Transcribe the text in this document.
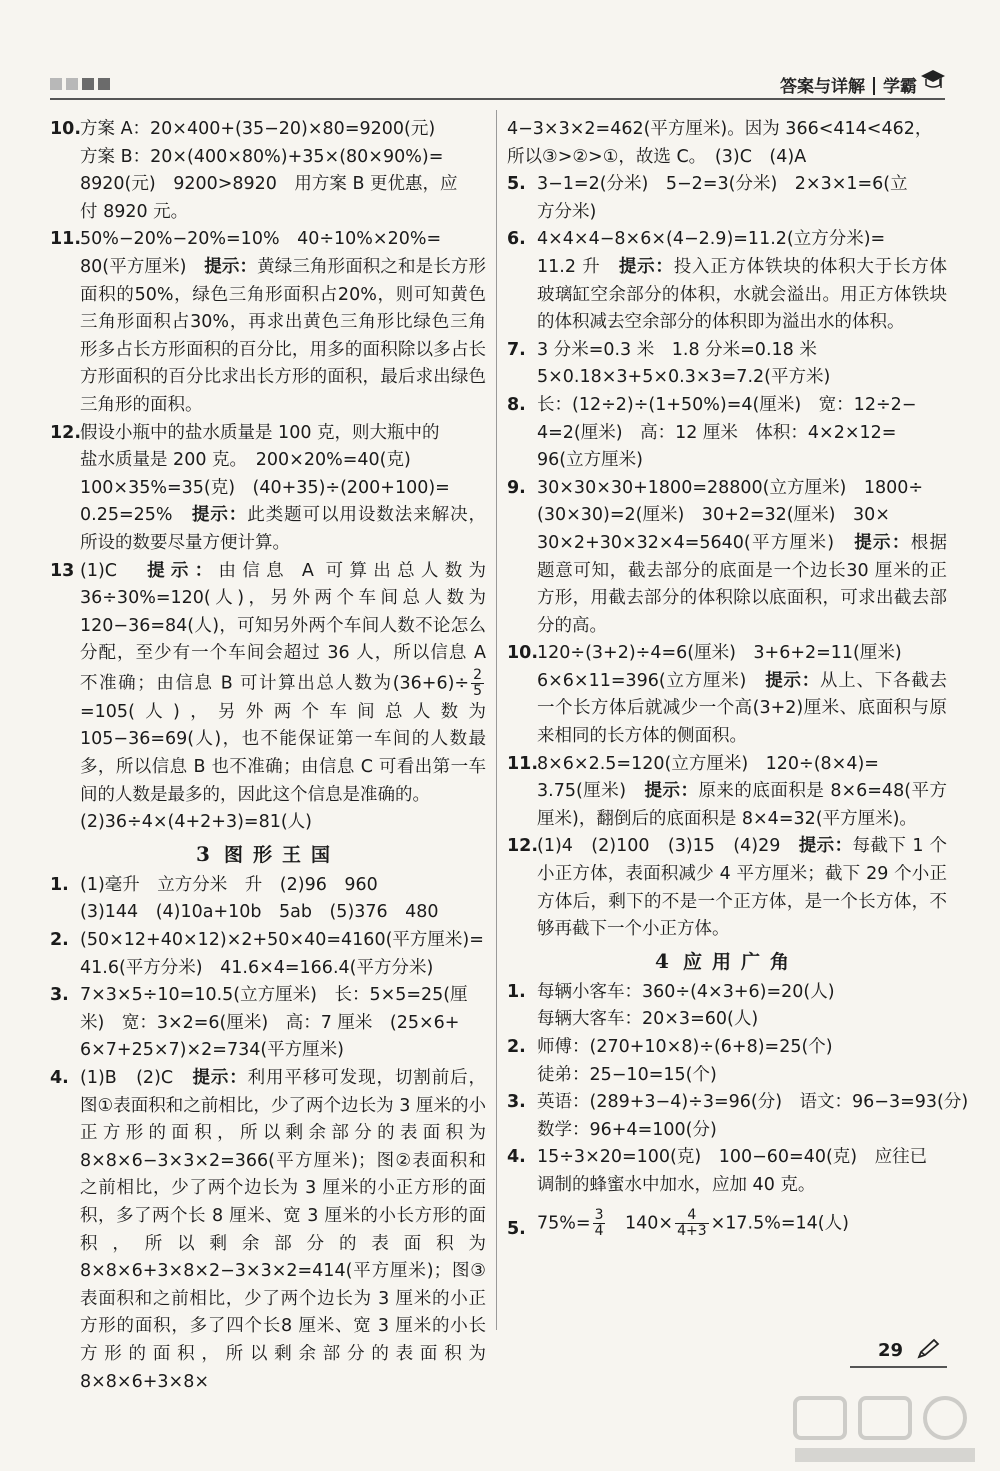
答案与详解 学霸
10.
方案 A：20×400+(35−20)×80=9200(元)
方案 B：20×(400×80%)+35×(80×90%)=
8920(元)　9200>8920　用方案 B 更优惠，应
付 8920 元。
11.
50%−20%−20%=10%　40÷10%×20%=
80(平方厘米)　 提示：黄绿三角形面积之和是长方形面积的50%，绿色三角形面积占20%，则可知黄色三角形面积占30%，再求出黄色三角形比绿色三角形多占长方形面积的百分比，用多的面积除以多占长方形面积的百分比求出长方形的面积，最后求出绿色三角形的面积。
12.
假设小瓶中的盐水质量是 100 克，则大瓶中的
盐水质量是 200 克。　200×20%=40(克)
100×35%=35(克)　(40+35)÷(200+100)=
0.25=25%　 提示：此类题可以用设数法来解决，所设的数要尽量方便计算。
13 (1)C　 提示：由信息 A 可算出总人数为 36÷30%=120(人)，另外两个车间总人数为 120−36=84(人)，可知另外两个车间人数不论怎么分配，至少有一个车间会超过 36 人，所以信息 A 不准确；由信息 B 可计算出总人数为$(36+6)\div \frac{2}{5}$
=105(人)，另外两个车间总人数为 105−36=69(人)，也不能保证第一车间的人数最多，所以信息 B 也不准确；由信息 C 可看出第一车间的人数是最多的，因此这个信息是准确的。
(2)36÷4×(4+2+3)=81(人)
3 图形王国
1. (1)毫升　立方分米　升　(2)96　960
(3)144　(4)10a+10b　5ab　(5)376　480
2. (50×12+40×12)×2+50×40=4160(平方厘米)=
41.6(平方分米)　41.6×4=166.4(平方分米)
3. 7×3×5÷10=10.5(立方厘米)　长：5×5=25(厘
米)　宽：3×2=6(厘米)　高：7 厘米　(25×6+
6×7+25×7)×2=734(平方厘米)
4. (1)B　(2)C　 提示：利用平移可发现，切割前后，图①表面积和之前相比，少了两个边长为 3 厘米的小正方形的面积，所以剩余部分的表面积为 8×8×6−3×3×2=366(平方厘米)；图②表面积和之前相比，少了两个边长为 3 厘米的小正方形的面积，多了两个长 8 厘米、宽 3 厘米的小长方形的面积，所以剩余部分的表面积为 8×8×6+3×8×2−3×3×2=414(平方厘米)；图③表面积和之前相比，少了两个边长为 3 厘米的小正方形的面积，多了四个长8 厘米、宽 3 厘米的小长方形的面积，所以剩余部分的表面积为 8×8×6+3×8×
4−3×3×2=462(平方厘米)。因为 366<414<462，
所以③>②>①，故选 C。　(3)C　(4)A
5. 3−1=2(分米)　5−2=3(分米)　2×3×1=6(立
方分米)
6. 4×4×4−8×6×(4−2.9)=11.2(立方分米)=
11.2 升　提示：投入正方体铁块的体积大于长方体玻璃缸空余部分的体积，水就会溢出。用正方体铁块的体积减去空余部分的体积即为溢出水的体积。
7. 3 分米=0.3 米　1.8 分米=0.18 米
5×0.18×3+5×0.3×3=7.2(平方米)
8. 长：(12÷2)÷(1+50%)=4(厘米)　宽：12÷2−
4=2(厘米)　高：12 厘米　体积：4×2×12=
96(立方厘米)
9. 30×30×30+1800=28800(立方厘米)　1800÷
(30×30)=2(厘米)　30+2=32(厘米)　30×
30×2+30×32×4=5640(平方厘米)　提示：根据题意可知，截去部分的底面是一个边长30 厘米的正方形，用截去部分的体积除以底面积，可求出截去部分的高。
10.
120÷(3+2)÷4=6(厘米)　3+6+2=11(厘米)
6×6×11=396(立方厘米)　提示：从上、下各截去一个长方体后就减少一个高(3+2)厘米、底面积与原来相同的长方体的侧面积。
11.
8×6×2.5=120(立方厘米)　120÷(8×4)=
3.75(厘米)　提示：原来的底面积是 8×6=48(平方厘米)，翻倒后的底面积是 8×4=32(平方厘米)。
12.
(1)4　(2)100　(3)15　(4)29　提示：每截下 1 个小正方体，表面积减少 4 平方厘米；截下 29 个小正方体后，剩下的不是一个正方体，是一个长方体，不够再截下一个小正方体。
4 应用广角
1. 每辆小客车：360÷(4×3+6)=20(人)
每辆大客车：20×3=60(人)
2. 师傅：(270+10×8)÷(6+8)=25(个)
徒弟：25−10=15(个)
3. 英语：(289+3−4)÷3=96(分)　语文：96−3=93(分)
数学：96+4=100(分)
4. 15÷3×20=100(克)　100−60=40(克)　应往已
调制的蜂蜜水中加水，应加 40 克。
5. $75\%= \frac{3}{4}$ 　$140\times \frac{4}{4+3} \times 17.5\%=14$(人)
29
